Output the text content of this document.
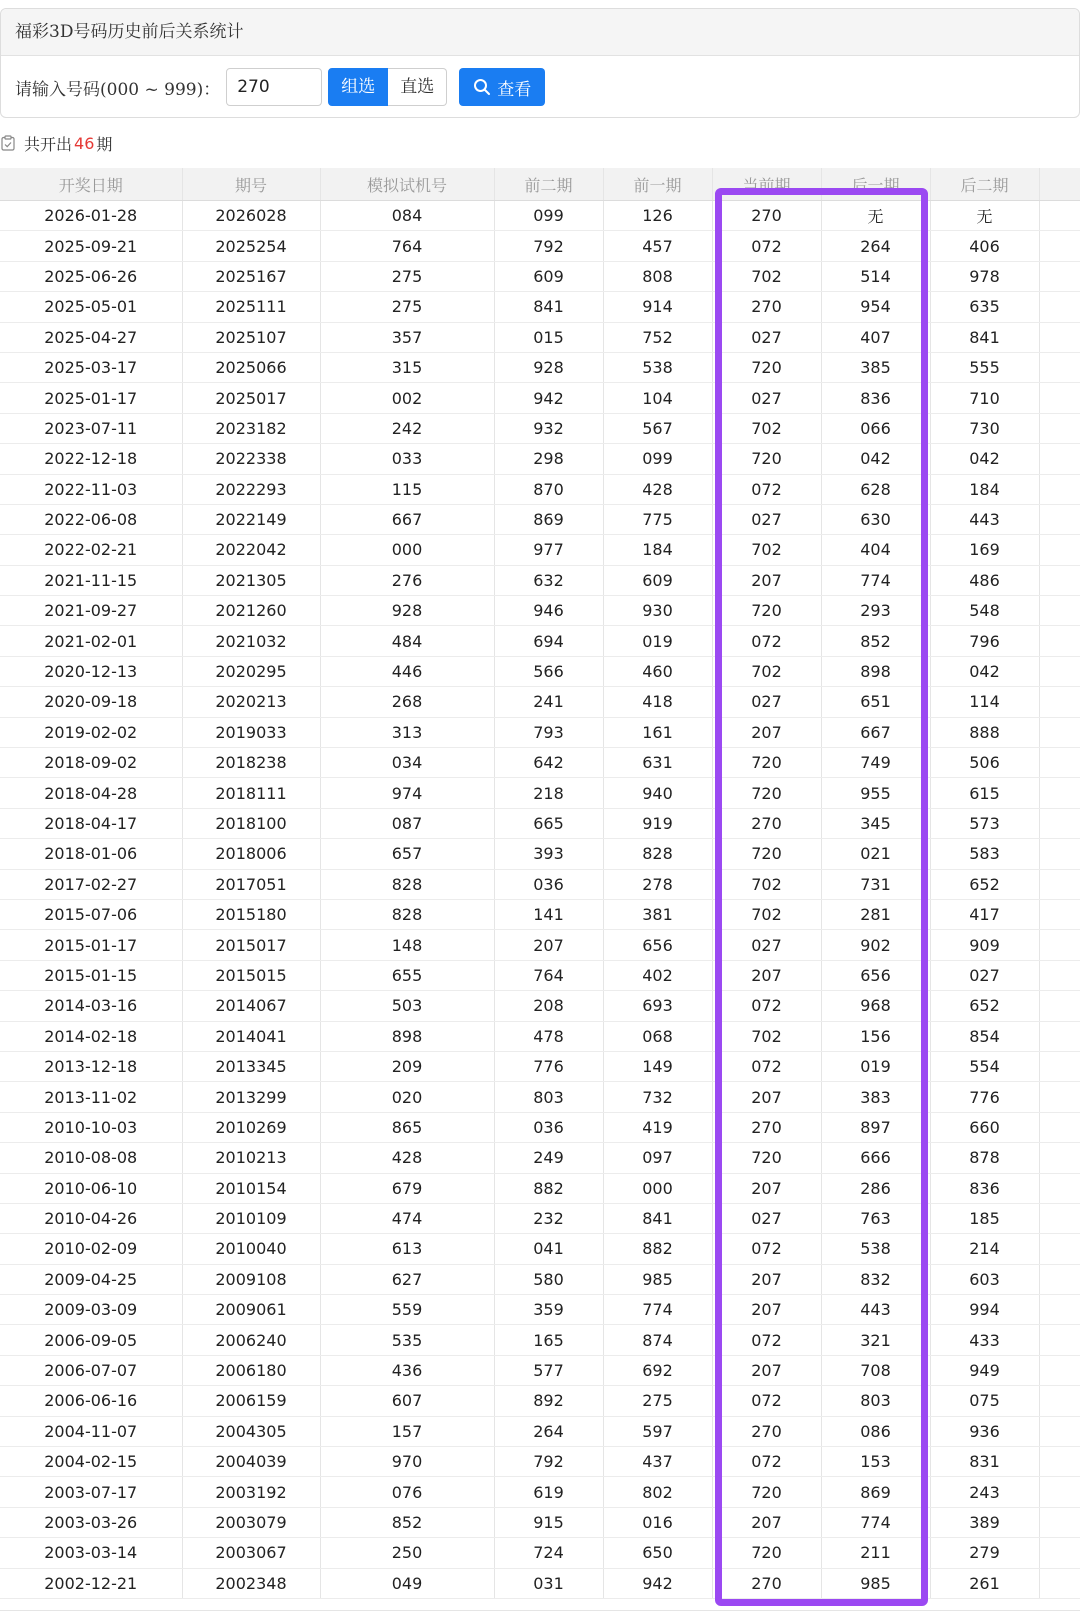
福彩3D号码历史前后关系统计
请输入号码(000 ~ 999)：
270	组选	直选	查看
共开出 46 期
开奖日期	期号	模拟试机号	前二期	前一期	当前期	后一期	后二期	
2026-01-28	2026028	084	099	126	270	无	无	
2025-09-21	2025254	764	792	457	072	264	406	
2025-06-26	2025167	275	609	808	702	514	978	
2025-05-01	2025111	275	841	914	270	954	635	
2025-04-27	2025107	357	015	752	027	407	841	
2025-03-17	2025066	315	928	538	720	385	555	
2025-01-17	2025017	002	942	104	027	836	710	
2023-07-11	2023182	242	932	567	702	066	730	
2022-12-18	2022338	033	298	099	720	042	042	
2022-11-03	2022293	115	870	428	072	628	184	
2022-06-08	2022149	667	869	775	027	630	443	
2022-02-21	2022042	000	977	184	702	404	169	
2021-11-15	2021305	276	632	609	207	774	486	
2021-09-27	2021260	928	946	930	720	293	548	
2021-02-01	2021032	484	694	019	072	852	796	
2020-12-13	2020295	446	566	460	702	898	042	
2020-09-18	2020213	268	241	418	027	651	114	
2019-02-02	2019033	313	793	161	207	667	888	
2018-09-02	2018238	034	642	631	720	749	506	
2018-04-28	2018111	974	218	940	720	955	615	
2018-04-17	2018100	087	665	919	270	345	573	
2018-01-06	2018006	657	393	828	720	021	583	
2017-02-27	2017051	828	036	278	702	731	652	
2015-07-06	2015180	828	141	381	702	281	417	
2015-01-17	2015017	148	207	656	027	902	909	
2015-01-15	2015015	655	764	402	207	656	027	
2014-03-16	2014067	503	208	693	072	968	652	
2014-02-18	2014041	898	478	068	702	156	854	
2013-12-18	2013345	209	776	149	072	019	554	
2013-11-02	2013299	020	803	732	207	383	776	
2010-10-03	2010269	865	036	419	270	897	660	
2010-08-08	2010213	428	249	097	720	666	878	
2010-06-10	2010154	679	882	000	207	286	836	
2010-04-26	2010109	474	232	841	027	763	185	
2010-02-09	2010040	613	041	882	072	538	214	
2009-04-25	2009108	627	580	985	207	832	603	
2009-03-09	2009061	559	359	774	207	443	994	
2006-09-05	2006240	535	165	874	072	321	433	
2006-07-07	2006180	436	577	692	207	708	949	
2006-06-16	2006159	607	892	275	072	803	075	
2004-11-07	2004305	157	264	597	270	086	936	
2004-02-15	2004039	970	792	437	072	153	831	
2003-07-17	2003192	076	619	802	720	869	243	
2003-03-26	2003079	852	915	016	207	774	389	
2003-03-14	2003067	250	724	650	720	211	279	
2002-12-21	2002348	049	031	942	270	985	261	
